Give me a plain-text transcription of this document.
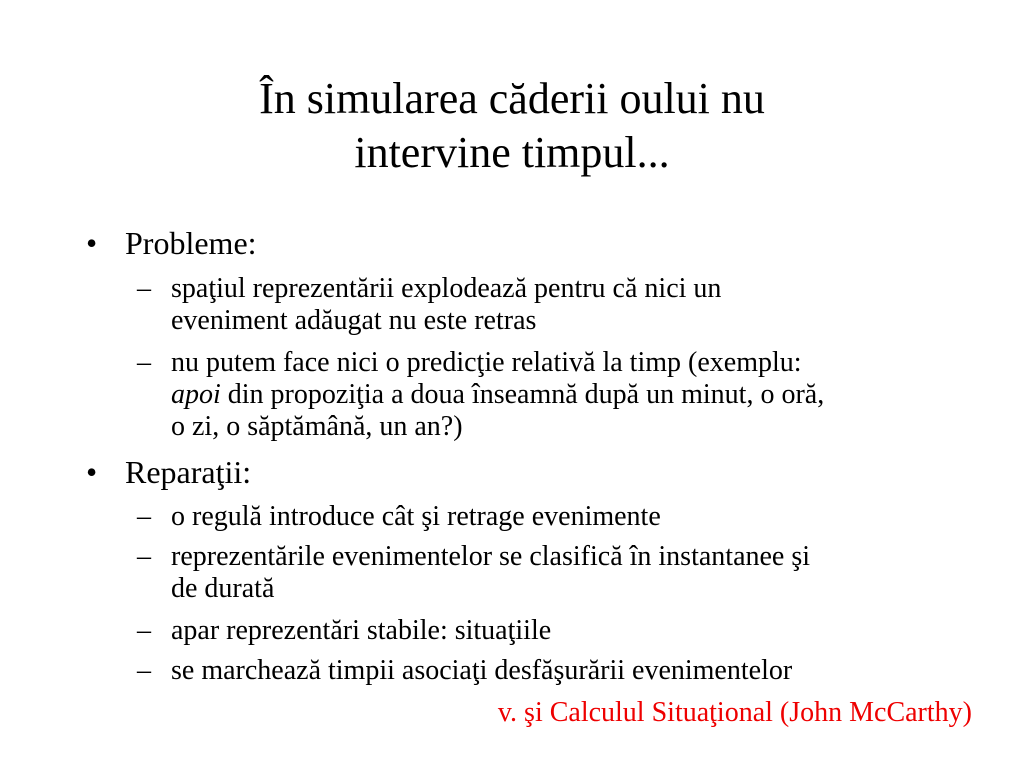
În simularea căderii oului nu
intervine timpul...
• Probleme:
– spaţiul reprezentării explodează pentru că nici un
eveniment adăugat nu este retras
– nu putem face nici o predicţie relativă la timp (exemplu:
apoi din propoziţia a doua înseamnă după un minut, o oră,
o zi, o săptămână, un an?)
• Reparaţii:
– o regulă introduce cât şi retrage evenimente
– reprezentările evenimentelor se clasifică în instantanee şi
de durată
– apar reprezentări stabile: situaţiile
– se marchează timpii asociaţi desfăşurării evenimentelor
v. şi Calculul Situaţional (John McCarthy)
